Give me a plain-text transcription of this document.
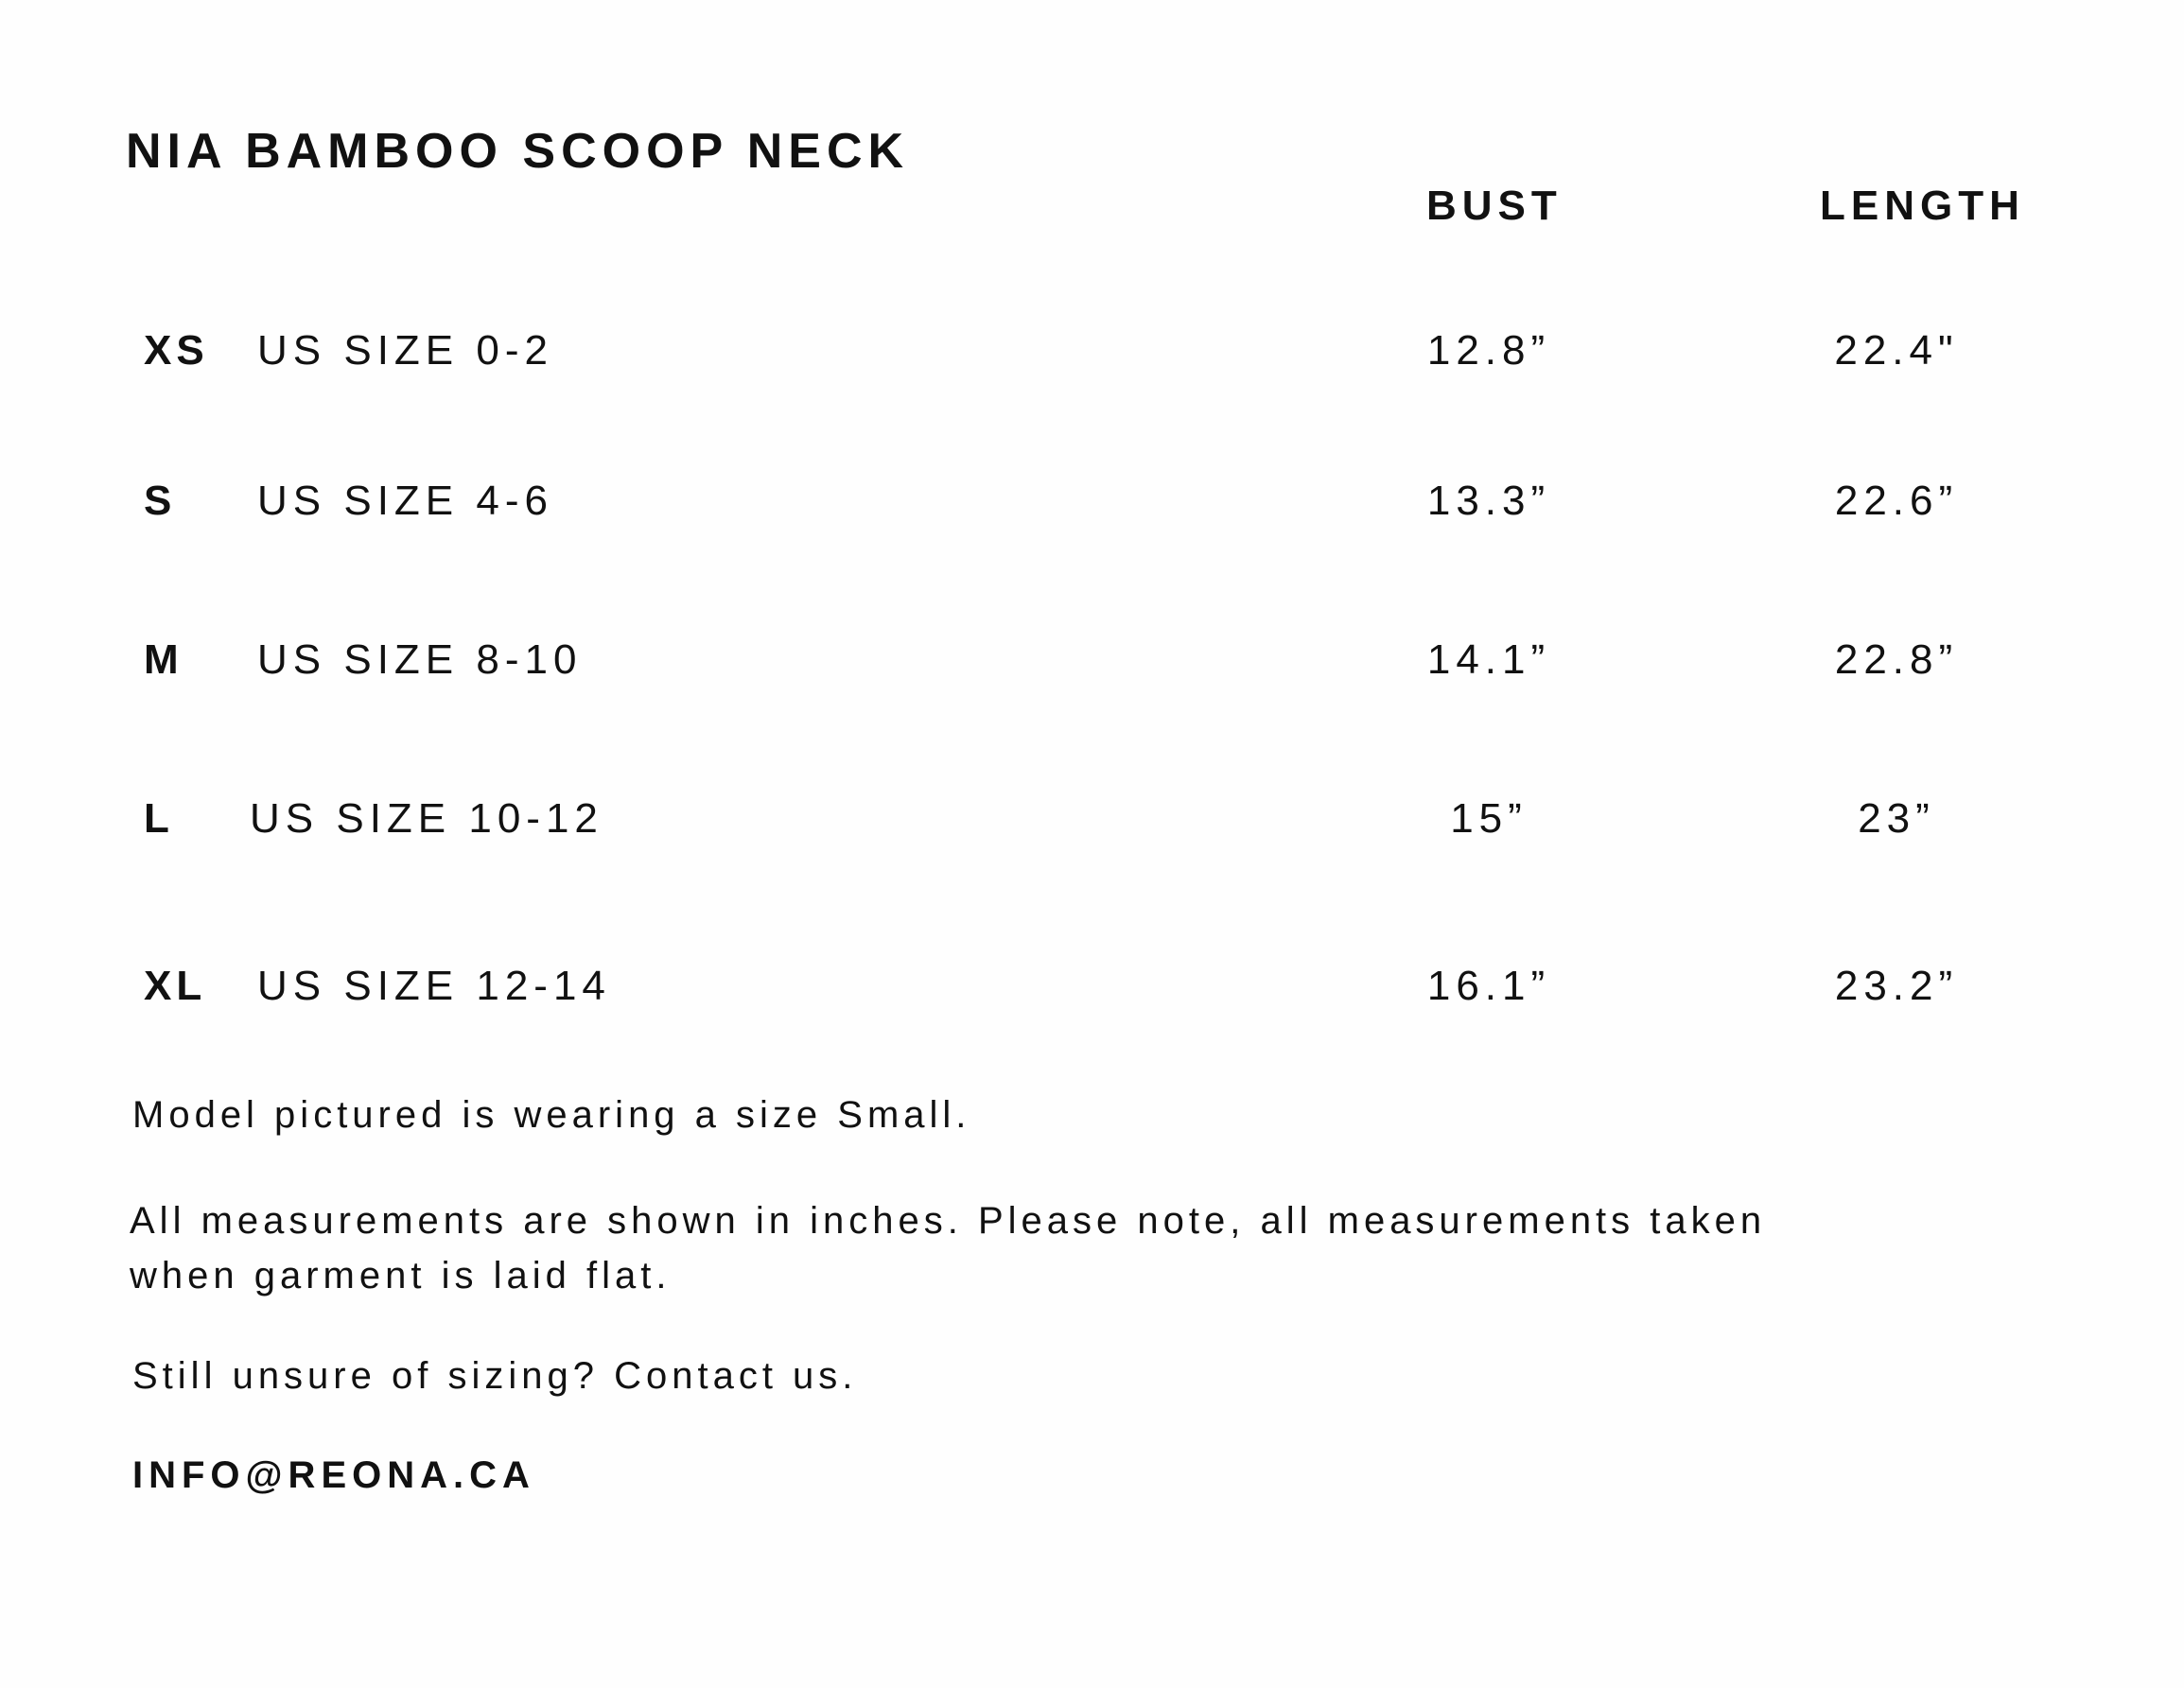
NIA BAMBOO SCOOP NECK
BUST	LENGTH
XS US SIZE 0-2	12.8”	22.4"
S US SIZE 4-6	13.3”	22.6”
M US SIZE 8-10	14.1”	22.8”
L US SIZE 10-12	15”	23”
XL US SIZE 12-14	16.1”	23.2”
Model pictured is wearing a size Small.
All measurements are shown in inches. Please note, all measurements taken
when garment is laid flat.
Still unsure of sizing? Contact us.
INFO@REONA.CA
